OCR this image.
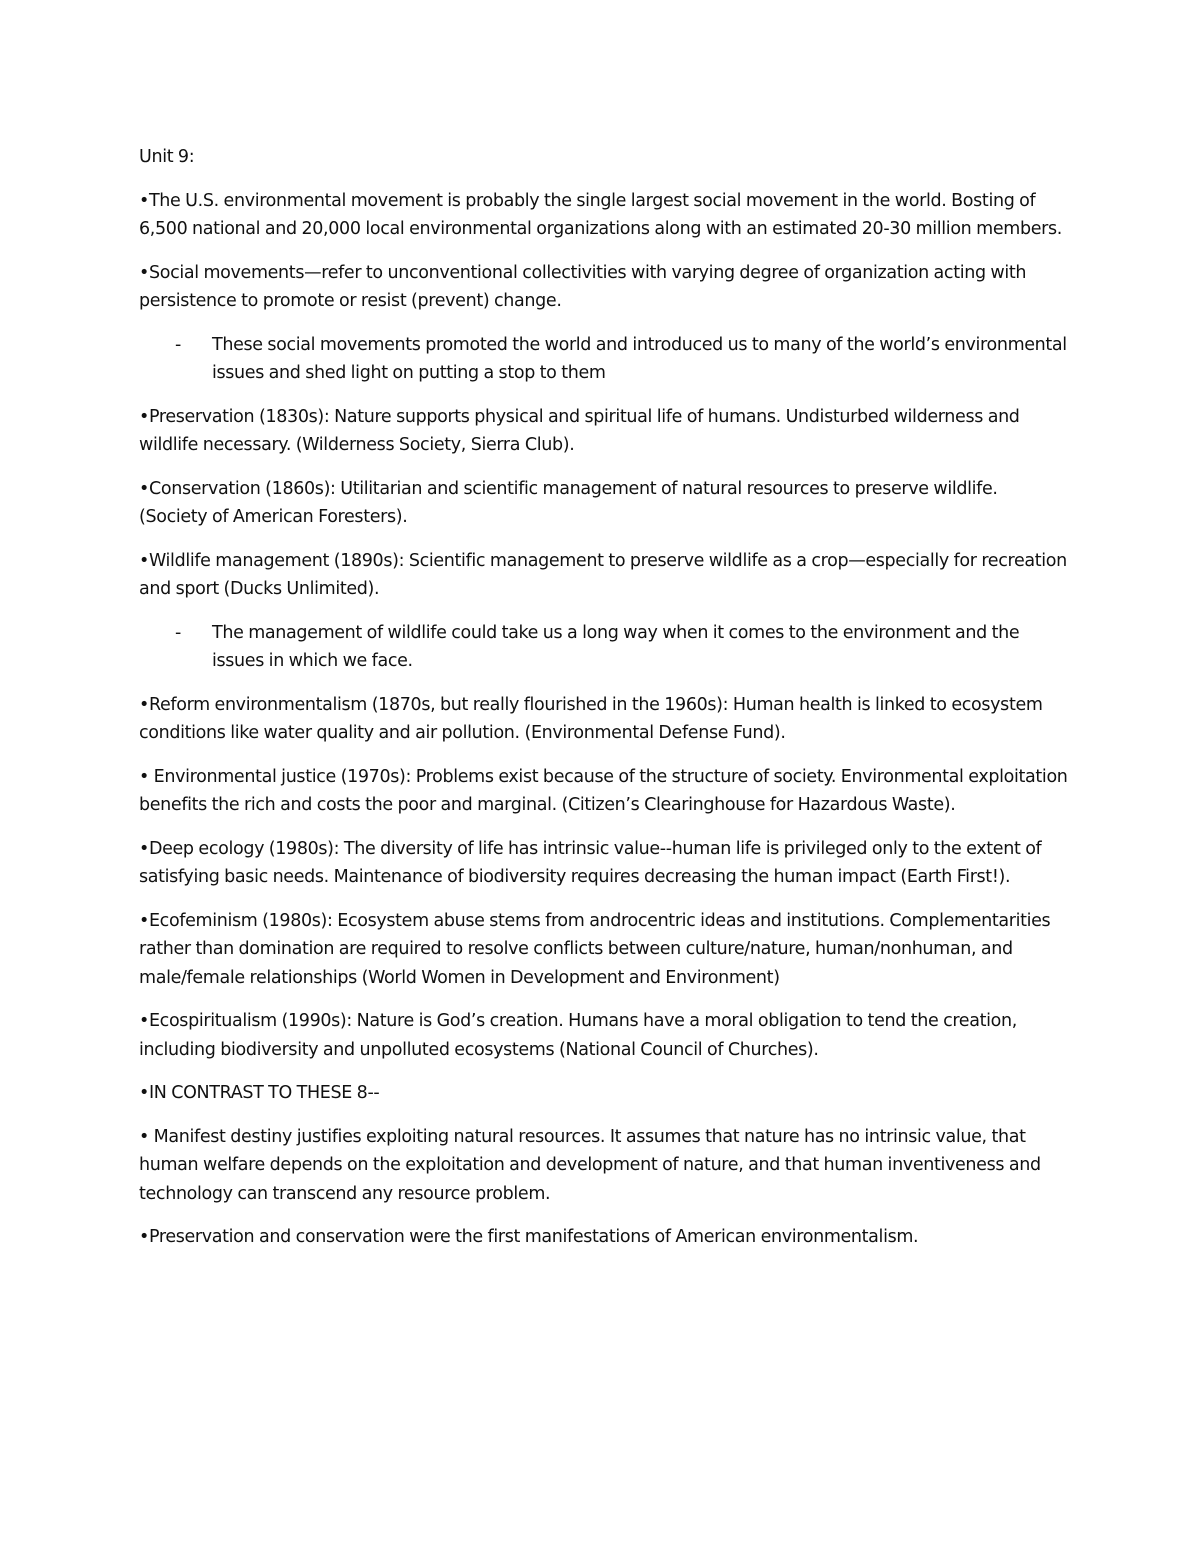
Unit 9:

•The U.S. environmental movement is probably the single largest social movement in the world. Bosting of 6,500 national and 20,000 local environmental organizations along with an estimated 20-30 million members.

•Social movements—refer to unconventional collectivities with varying degree of organization acting with persistence to promote or resist (prevent) change.

- These social movements promoted the world and introduced us to many of the world’s environmental issues and shed light on putting a stop to them

•Preservation (1830s): Nature supports physical and spiritual life of humans. Undisturbed wilderness and wildlife necessary. (Wilderness Society, Sierra Club).

•Conservation (1860s): Utilitarian and scientific management of natural resources to preserve wildlife. (Society of American Foresters).

•Wildlife management (1890s): Scientific management to preserve wildlife as a crop—especially for recreation and sport (Ducks Unlimited).

- The management of wildlife could take us a long way when it comes to the environment and the issues in which we face.

•Reform environmentalism (1870s, but really flourished in the 1960s): Human health is linked to ecosystem conditions like water quality and air pollution. (Environmental Defense Fund).

• Environmental justice (1970s): Problems exist because of the structure of society. Environmental exploitation benefits the rich and costs the poor and marginal. (Citizen’s Clearinghouse for Hazardous Waste).

•Deep ecology (1980s): The diversity of life has intrinsic value--human life is privileged only to the extent of satisfying basic needs. Maintenance of biodiversity requires decreasing the human impact (Earth First!).

•Ecofeminism (1980s): Ecosystem abuse stems from androcentric ideas and institutions. Complementarities rather than domination are required to resolve conflicts between culture/nature, human/nonhuman, and male/female relationships (World Women in Development and Environment)

•Ecospiritualism (1990s): Nature is God’s creation. Humans have a moral obligation to tend the creation, including biodiversity and unpolluted ecosystems (National Council of Churches).

•IN CONTRAST TO THESE 8--

• Manifest destiny justifies exploiting natural resources. It assumes that nature has no intrinsic value, that human welfare depends on the exploitation and development of nature, and that human inventiveness and technology can transcend any resource problem.

•Preservation and conservation were the first manifestations of American environmentalism.
